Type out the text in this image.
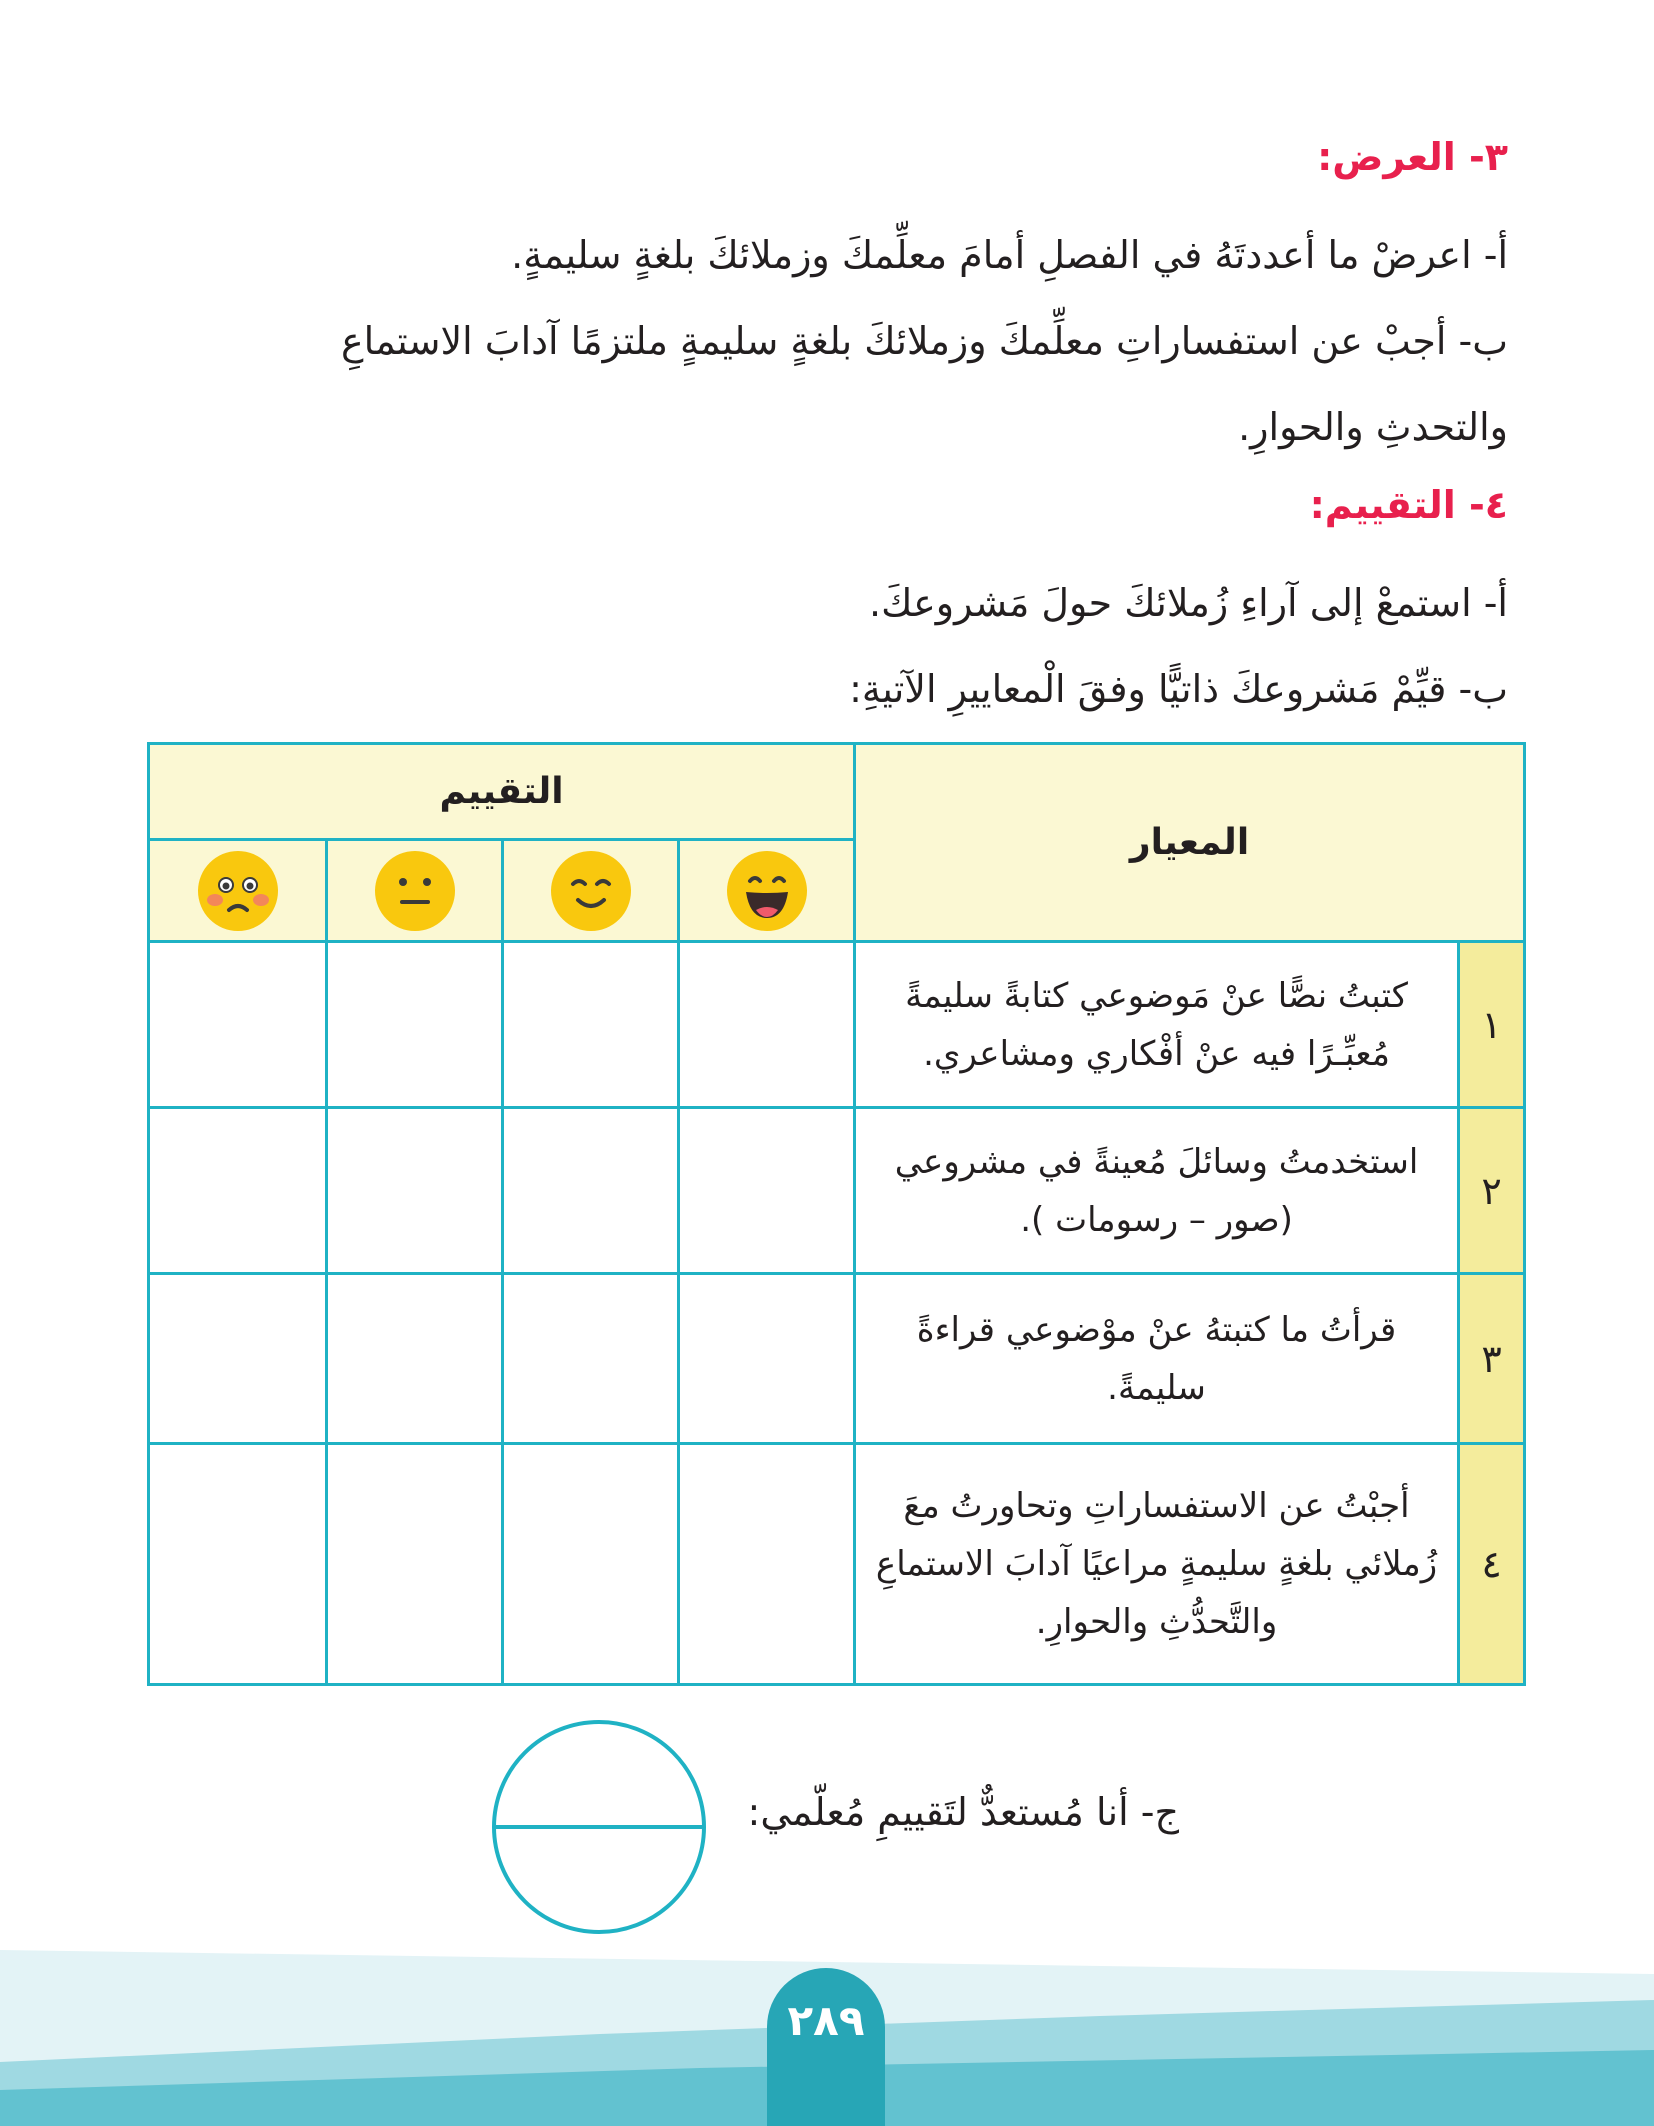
٣- العرض:

أ- اعرضْ ما أعددتَهُ في الفصلِ أمامَ معلِّمكَ وزملائكَ بلغةٍ سليمةٍ.

ب- أجبْ عن استفساراتِ معلِّمكَ وزملائكَ بلغةٍ سليمةٍ ملتزمًا آدابَ الاستماعِ والتحدثِ والحوارِ.

٤- التقييم:

أ- استمعْ إلى آراءِ زُملائكَ حولَ مَشروعكَ.

ب- قيِّمْ مَشروعكَ ذاتيًّا وفقَ الْمعاييرِ الآتيةِ:

المعيار		التقييم			

١	كتبتُ نصًّا عنْ مَوضوعي كتابةً سليمةً مُعبِّـرًا فيه عنْ أفْكاري ومشاعري.				
٢	استخدمتُ وسائلَ مُعينةً في مشروعي (صور – رسومات ).				
٣	قرأتُ ما كتبتهُ عنْ موْضوعي قراءةً سليمةً.				
٤	أجبْتُ عن الاستفساراتِ وتحاورتُ معَ زُملائي بلغةٍ سليمةٍ مراعيًا آدابَ الاستماعِ والتَّحدُّثِ والحوارِ.				

ج- أنا مُستعدٌّ لتَقييمِ مُعلّمي:

٢٨٩
